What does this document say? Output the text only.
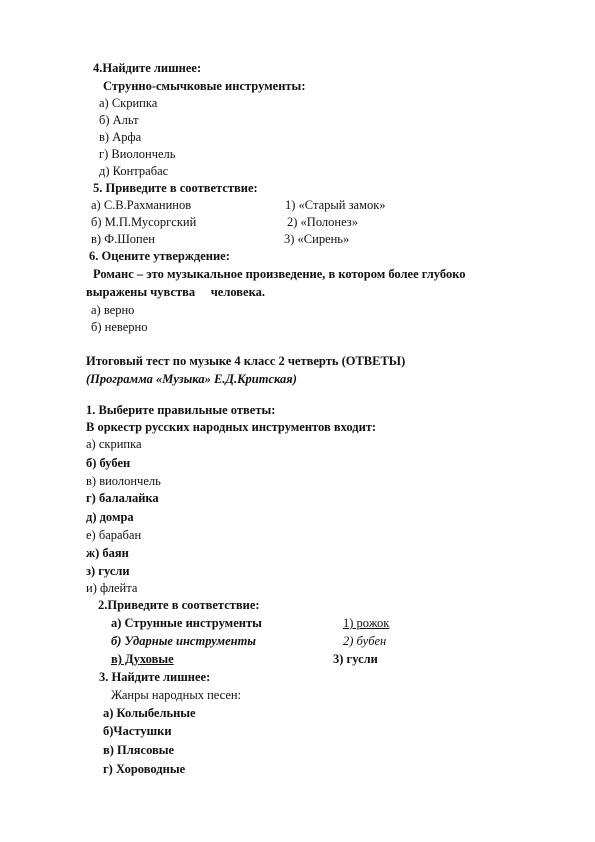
4.Найдите лишнее:
Струнно-смычковые инструменты:
а) Скрипка
б) Альт
в) Арфа
г) Виолончель
д) Контрабас
5. Приведите в соответствие:
а) С.В.Рахманинов	1) «Старый замок»
б) М.П.Мусоргский	2) «Полонез»
в) Ф.Шопен	3) «Сирень»
6. Оцените утверждение:
Романс – это музыкальное произведение, в котором более глубоко
выражены чувства     человека.
а) верно
б) неверно
Итоговый тест по музыке 4 класс 2 четверть (ОТВЕТЫ)
(Программа «Музыка» Е.Д.Критская)
1. Выберите правильные ответы:
В оркестр русских народных инструментов входит:
а) скрипка
б) бубен
в) виолончель
г) балалайка
д) домра
е) барабан
ж) баян
з) гусли
и) флейта
2.Приведите в соответствие:
а) Струнные инструменты	1) рожок
б) Ударные инструменты	2) бубен
в) Духовые	3) гусли
3. Найдите лишнее:
Жанры народных песен:
а) Колыбельные
б)Частушки
в) Плясовые
г) Хороводные
